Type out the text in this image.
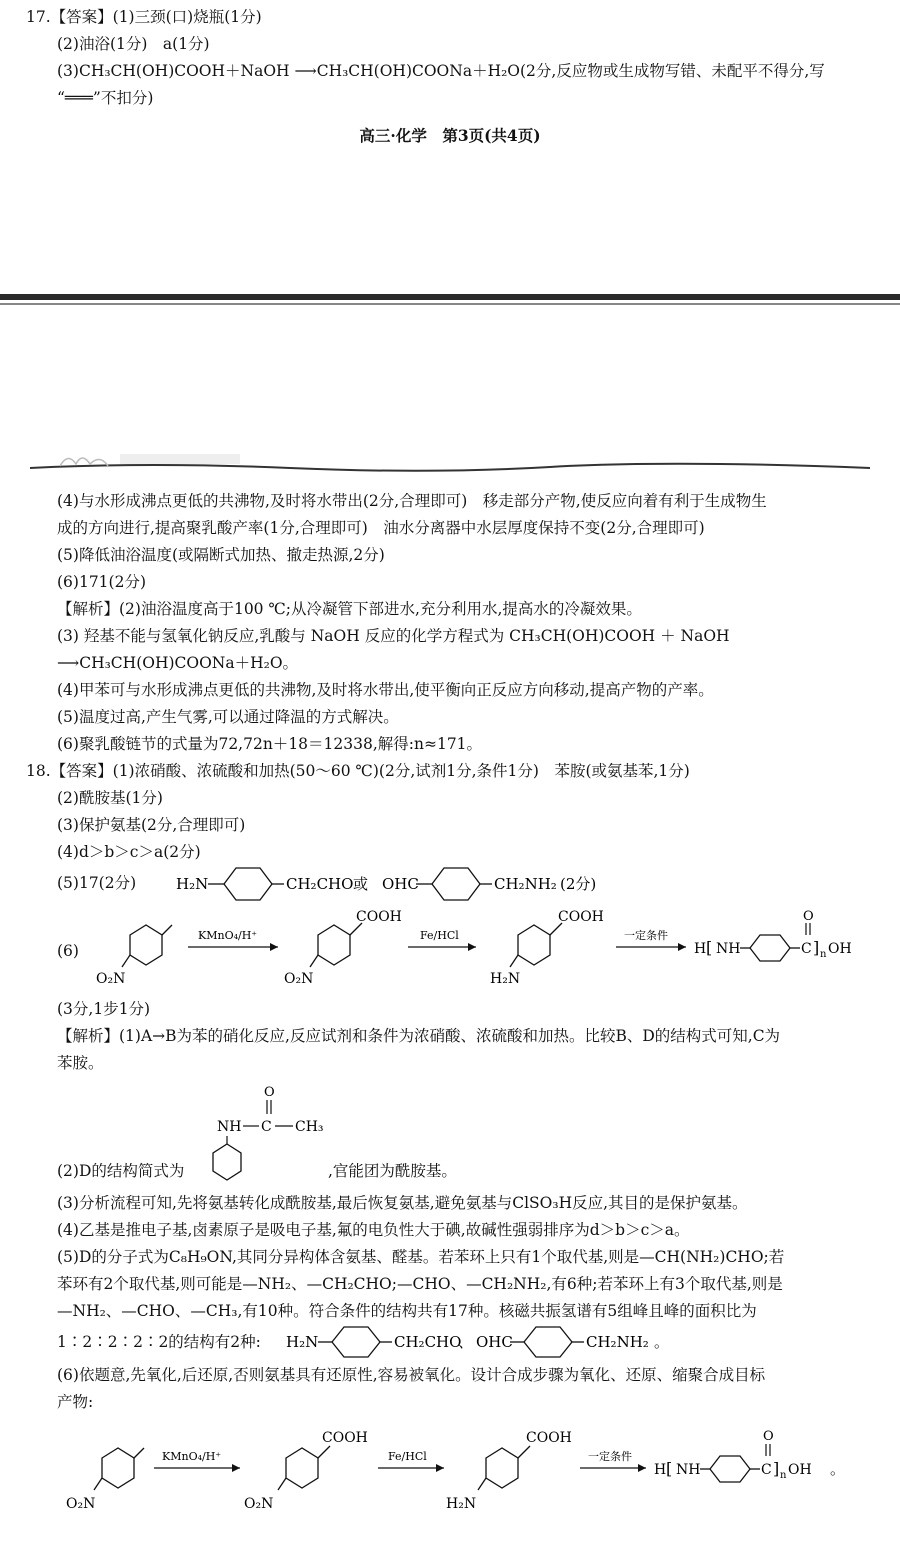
17.【答案】(1)三颈(口)烧瓶(1分)
(2)油浴(1分)　a(1分)
(3)CH₃CH(OH)COOH＋NaOH ⟶CH₃CH(OH)COONa＋H₂O(2分,反应物或生成物写错、未配平不得分,写
“═══”不扣分)
高三·化学　第3页(共4页)
(4)与水形成沸点更低的共沸物,及时将水带出(2分,合理即可)　移走部分产物,使反应向着有利于生成物生
成的方向进行,提高聚乳酸产率(1分,合理即可)　油水分离器中水层厚度保持不变(2分,合理即可)
(5)降低油浴温度(或隔断式加热、撤走热源,2分)
(6)171(2分)
【解析】(2)油浴温度高于100 ℃;从冷凝管下部进水,充分利用水,提高水的冷凝效果。
(3) 羟基不能与氢氧化钠反应,乳酸与 NaOH 反应的化学方程式为 CH₃CH(OH)COOH ＋ NaOH
⟶CH₃CH(OH)COONa＋H₂O。
(4)甲苯可与水形成沸点更低的共沸物,及时将水带出,使平衡向正反应方向移动,提高产物的产率。
(5)温度过高,产生气雾,可以通过降温的方式解决。
(6)聚乳酸链节的式量为72,72n＋18＝12338,解得:n≈171。
18.【答案】(1)浓硝酸、浓硫酸和加热(50～60 ℃)(2分,试剂1分,条件1分)　苯胺(或氨基苯,1分)
(2)酰胺基(1分)
(3)保护氨基(2分,合理即可)
(4)d＞b＞c＞a(2分)
(5)17(2分)	H₂N	CH₂CHO 或 OHC	CH₂NH₂ (2分)
(6)
O₂N
KMnO₄/H⁺
COOH
O₂N
Fe/HCl
COOH
H₂N
一定条件
H [ NH	C
O
] n OH
(3分,1步1分)
【解析】(1)A→B为苯的硝化反应,反应试剂和条件为浓硝酸、浓硫酸和加热。比较B、D的结构式可知,C为
苯胺。
NH C
O
CH₃
(2)D的结构简式为	,官能团为酰胺基。
(3)分析流程可知,先将氨基转化成酰胺基,最后恢复氨基,避免氨基与ClSO₃H反应,其目的是保护氨基。
(4)乙基是推电子基,卤素原子是吸电子基,氟的电负性大于碘,故碱性强弱排序为d＞b＞c＞a。
(5)D的分子式为C₈H₉ON,其同分异构体含氨基、醛基。若苯环上只有1个取代基,则是—CH(NH₂)CHO;若
苯环有2个取代基,则可能是—NH₂、—CH₂CHO;—CHO、—CH₂NH₂,有6种;若苯环上有3个取代基,则是
—NH₂、—CHO、—CH₃,有10种。符合条件的结构共有17种。核磁共振氢谱有5组峰且峰的面积比为
1∶2∶2∶2∶2的结构有2种: H₂N	CH₂CHO
、 OHC	CH₂NH₂ 。
(6)依题意,先氧化,后还原,否则氨基具有还原性,容易被氧化。设计合成步骤为氧化、还原、缩聚合成目标
产物:
O₂N
KMnO₄/H⁺
COOH
O₂N
Fe/HCl
COOH
H₂N
一定条件
H [ NH	C
O
] n OH 。
